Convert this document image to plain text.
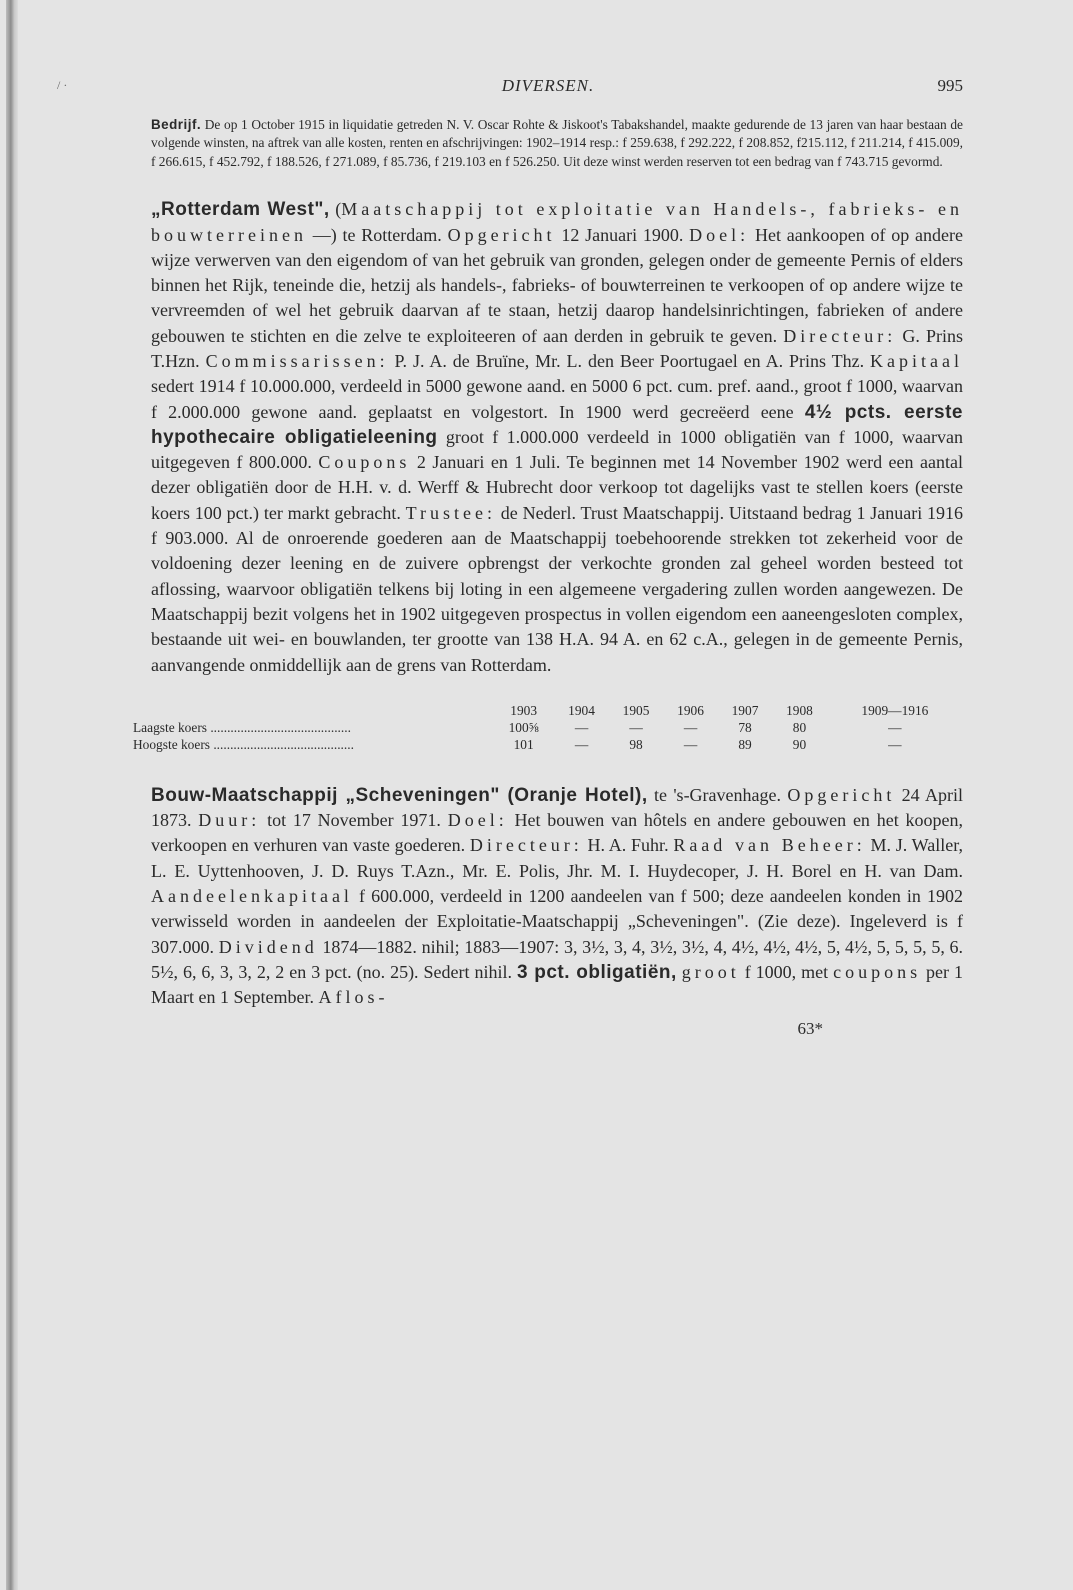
/ ·	DIVERSEN.	995

Bedrijf. De op 1 October 1915 in liquidatie getreden N. V. Oscar Rohte & Jiskoot's Tabakshandel, maakte gedurende de 13 jaren van haar bestaan de volgende winsten, na aftrek van alle kosten, renten en afschrijvingen: 1902–1914 resp.: f 259.638, f 292.222, f 208.852, f215.112, f 211.214, f 415.009, f 266.615, f 452.792, f 188.526, f 271.089, f 85.736, f 219.103 en f 526.250. Uit deze winst werden reserven tot een bedrag van f 743.715 gevormd.

„Rotterdam West", (Maatschappij tot exploitatie van Handels-, fabrieks- en bouwterreinen —) te Rotterdam. Opgericht 12 Januari 1900. Doel: Het aankoopen of op andere wijze verwerven van den eigendom of van het gebruik van gronden, gelegen onder de gemeente Pernis of elders binnen het Rijk, teneinde die, hetzij als handels-, fabrieks- of bouwterreinen te verkoopen of op andere wijze te vervreemden of wel het gebruik daarvan af te staan, hetzij daarop handelsinrichtingen, fabrieken of andere gebouwen te stichten en die zelve te exploiteeren of aan derden in gebruik te geven. Directeur: G. Prins T.Hzn. Commissarissen: P. J. A. de Bruïne, Mr. L. den Beer Poortugael en A. Prins Thz. Kapitaal sedert 1914 f 10.000.000, verdeeld in 5000 gewone aand. en 5000 6 pct. cum. pref. aand., groot f 1000, waarvan f 2.000.000 gewone aand. geplaatst en volgestort. In 1900 werd gecreëerd eene 4½ pcts. eerste hypothecaire obligatieleening groot f 1.000.000 verdeeld in 1000 obligatiën van f 1000, waarvan uitgegeven f 800.000. Coupons 2 Januari en 1 Juli. Te beginnen met 14 November 1902 werd een aantal dezer obligatiën door de H.H. v. d. Werff & Hubrecht door verkoop tot dagelijks vast te stellen koers (eerste koers 100 pct.) ter markt gebracht. Trustee: de Nederl. Trust Maatschappij. Uitstaand bedrag 1 Januari 1916 f 903.000. Al de onroerende goederen aan de Maatschappij toebehoorende strekken tot zekerheid voor de voldoening dezer leening en de zuivere opbrengst der verkochte gronden zal geheel worden besteed tot aflossing, waarvoor obligatiën telkens bij loting in een algemeene vergadering zullen worden aangewezen. De Maatschappij bezit volgens het in 1902 uitgegeven prospectus in vollen eigendom een aaneengesloten complex, bestaande uit wei- en bouwlanden, ter grootte van 138 H.A. 94 A. en 62 c.A., gelegen in de gemeente Pernis, aanvangende onmiddellijk aan de grens van Rotterdam.

	1903	1904	1905	1906	1907	1908	1909—1916
Laagste koers ..........................................	100⅝	—	—	—	78	80	—
Hoogste koers ..........................................	101	—	98	—	89	90	—

Bouw-Maatschappij „Scheveningen" (Oranje Hotel), te 's-Gravenhage. Opgericht 24 April 1873. Duur: tot 17 November 1971. Doel: Het bouwen van hôtels en andere gebouwen en het koopen, verkoopen en verhuren van vaste goederen. Directeur: H. A. Fuhr. Raad van Beheer: M. J. Waller, L. E. Uyttenhooven, J. D. Ruys T.Azn., Mr. E. Polis, Jhr. M. I. Huydecoper, J. H. Borel en H. van Dam. Aandeelenkapitaal f 600.000, verdeeld in 1200 aandeelen van f 500; deze aandeelen konden in 1902 verwisseld worden in aandeelen der Exploitatie-Maatschappij „Scheveningen". (Zie deze). Ingeleverd is f 307.000. Dividend 1874—1882. nihil; 1883—1907: 3, 3½, 3, 4, 3½, 3½, 4, 4½, 4½, 4½, 5, 4½, 5, 5, 5, 5, 6. 5½, 6, 6, 3, 3, 2, 2 en 3 pct. (no. 25). Sedert nihil. 3 pct. obligatiën, groot f 1000, met coupons per 1 Maart en 1 September. Aflos-

63*
